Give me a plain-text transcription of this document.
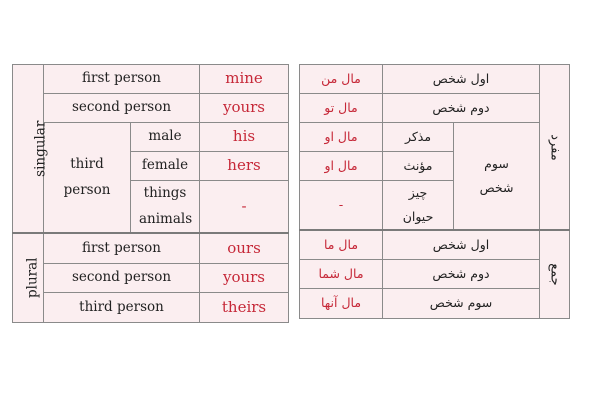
singular	first person		mine
	second person		yours

	third person	male	his
		female	hers

		things animals	-

plural	first person		ours
	second person		yours
	third person		theirs
مال من	اول شخص		مفرد
مال تو	دوم شخص		
مال او	مذکر	سوم شخص	

مال او	مؤنث		
-	چیز حیوان		

مال ما	اول شخص		جمع
مال شما	دوم شخص		
مال آنها	سوم شخص		
